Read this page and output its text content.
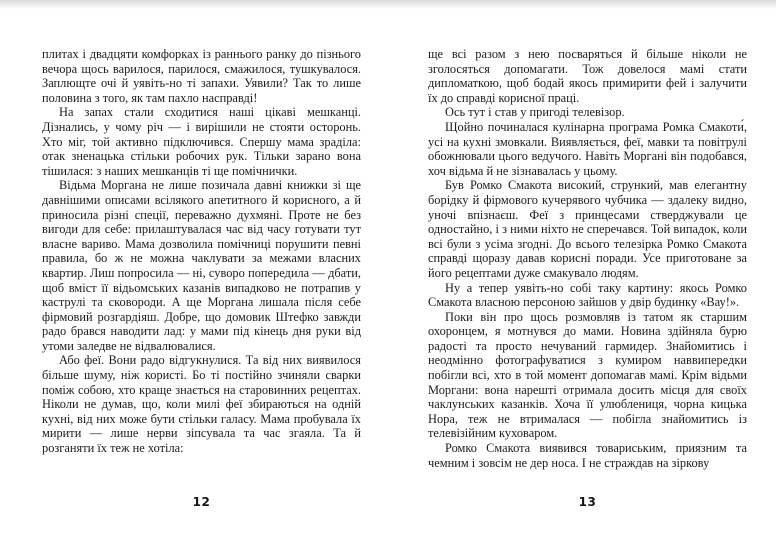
плитах і двадцяти комфорках із раннього ранку до пізнього вечора щось варилося, парилося, смажилося, тушкувалося. Заплющте очі й уявіть-но ті запахи. Уявили? Так то лише половина з того, як там пахло насправді!

На запах стали сходитися наші цікаві мешканці. Дізнались, у чому річ — і вирішили не стояти осторонь. Хто міг, той активно підключився. Спершу мама зраділа: отак зненацька стільки робочих рук. Тільки зарано вона тішилася: з наших мешканців ті ще помічнички.

Відьма Моргана не лише позичала давні книжки зі ще давнішими описами всілякого апетитного й корисного, а й приносила різні спеції, переважно духмяні. Проте не без вигоди для себе: прилаштувалася час від часу готувати тут власне вариво. Мама дозволила помічниці порушити певні правила, бо ж не можна чаклувати за межами власних квартир. Лиш попросила — ні, суворо попередила — дбати, щоб вміст її відьомських казанів випадково не потрапив у каструлі та сковороди. А ще Моргана лишала після себе фірмовий розгардіяш. Добре, що домовик Штефко завжди радо брався наводити лад: у мами під кінець дня руки від утоми заледве не відвалювалися.

Або феї. Вони радо відгукнулися. Та від них виявилося більше шуму, ніж користі. Бо ті постійно зчиняли сварки поміж собою, хто краще знається на старовинних рецептах. Ніколи не думав, що, коли милі феї збираються на одній кухні, від них може бути стільки галасу. Мама пробувала їх мирити — лише нерви зіпсувала та час згаяла. Та й розганяти їх теж не хотіла:

12

ще всі разом з нею посваряться й більше ніколи не зголосяться допомагати. Тож довелося мамі стати дипломаткою, щоб бодай якось примирити фей і залучити їх до справді корисної праці.

Ось тут і став у пригоді телевізор.

Щойно починалася кулінарна програма Ромка Смакоти́, усі на кухні змовкали. Виявляється, феї, мавки та повітрулі обожнювали цього ведучого. Навіть Моргані він подобався, хоч відьма й не зізнавалась у цьому.

Був Ромко Смакота високий, стрункий, мав елегантну борідку й фірмового кучерявого чубчика — здалеку видно, уночі впізнаєш. Феї з принцесами стверджували це одностайно, і з ними ніхто не сперечався. Той випадок, коли всі були з усіма згодні. До всього телезірка Ромко Смакота справді щоразу давав корисні поради. Усе приготоване за його рецептами дуже смакувало людям.

Ну а тепер уявіть-но собі таку картину: якось Ромко Смакота власною персоною зайшов у двір будинку «Вау!».

Поки він про щось розмовляв із татом як старшим охоронцем, я мотнувся до мами. Новина здійняла бурю радості та просто нечуваний гармидер. Знайомитись і неодмінно фотографуватися з кумиром наввипередки побігли всі, хто в той момент допомагав мамі. Крім відьми Моргани: вона нарешті отримала досить місця для своїх чаклунських казанків. Хоча її улюблениця, чорна кицька Нора, теж не втрималася — побігла знайомитись із телевізійним куховаром.

Ромко Смакота виявився товариським, приязним та чемним і зовсім не дер носа. І не страждав на зіркову

13
